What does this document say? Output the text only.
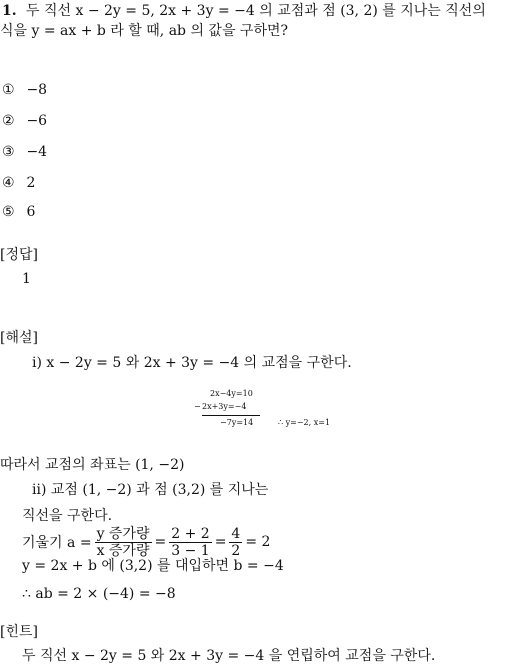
1. 두 직선 x − 2y = 5, 2x + 3y = −4 의 교점과 점 (3, 2) 를 지나는 직선의
식을 y = ax + b 라 할 때, ab 의 값을 구하면?
① −8
② −6
③ −4
④ 2
⑤ 6
[정답]
1
[해설]
ⅰ) x − 2y = 5 와 2x + 3y = −4 의 교점을 구한다.
2x−4y=10
− 2x+3y=−4
−7y=14	∴ y=−2, x=1
따라서 교점의 좌표는 (1, −2)
ⅱ) 교점 (1, −2) 과 점 (3,2) 를 지나는
직선을 구한다.
기울기 $a = \frac{\text{y 증가량}}{\text{x 증가량}} = \frac{2 + 2}{3 - 1} = \frac{4}{2} = 2$
y = 2x + b 에 (3,2) 를 대입하면 b = −4
∴ ab = 2 × (−4) = −8
[힌트]
두 직선 x − 2y = 5 와 2x + 3y = −4 을 연립하여 교점을 구한다.
